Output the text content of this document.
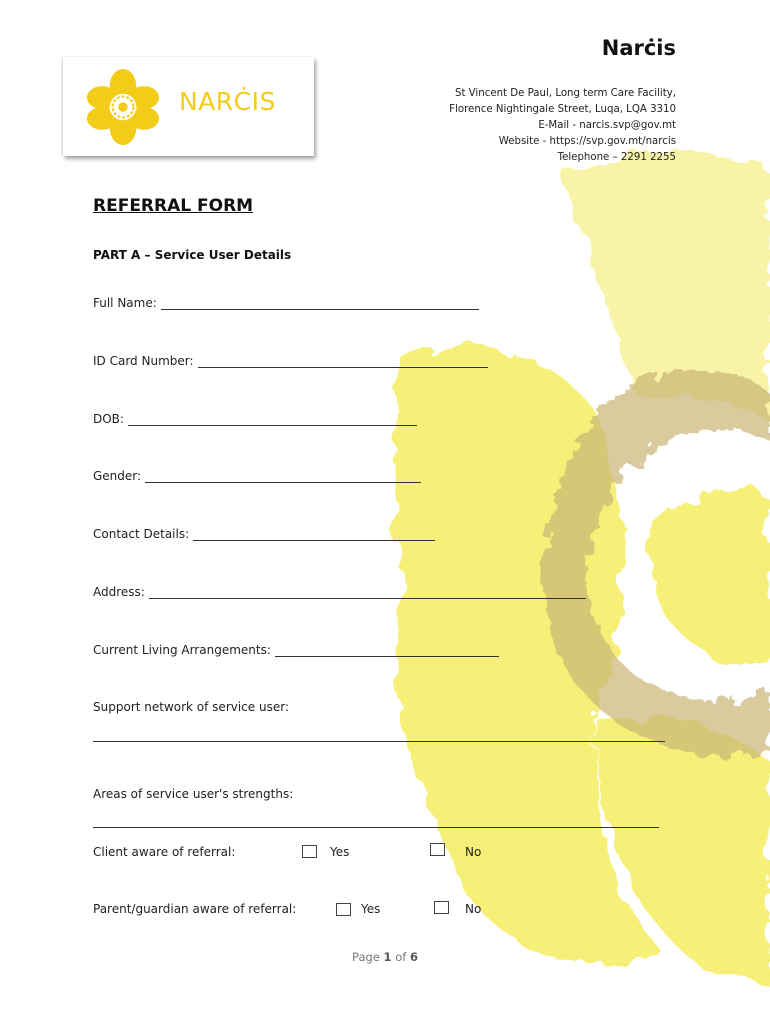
NARĊIS
Narċis
St Vincent De Paul, Long term Care Facility,
Florence Nightingale Street, Luqa, LQA 3310
E-Mail - narcis.svp@gov.mt
Website - https://svp.gov.mt/narcis
Telephone – 2291 2255
REFERRAL FORM
PART A – Service User Details
Full Name:
ID Card Number:
DOB:
Gender:
Contact Details:
Address:
Current Living Arrangements:
Support network of service user:
Areas of service user's strengths:
Client aware of referral:	Yes	No
Parent/guardian aware of referral:	Yes	No
Page 1 of 6
